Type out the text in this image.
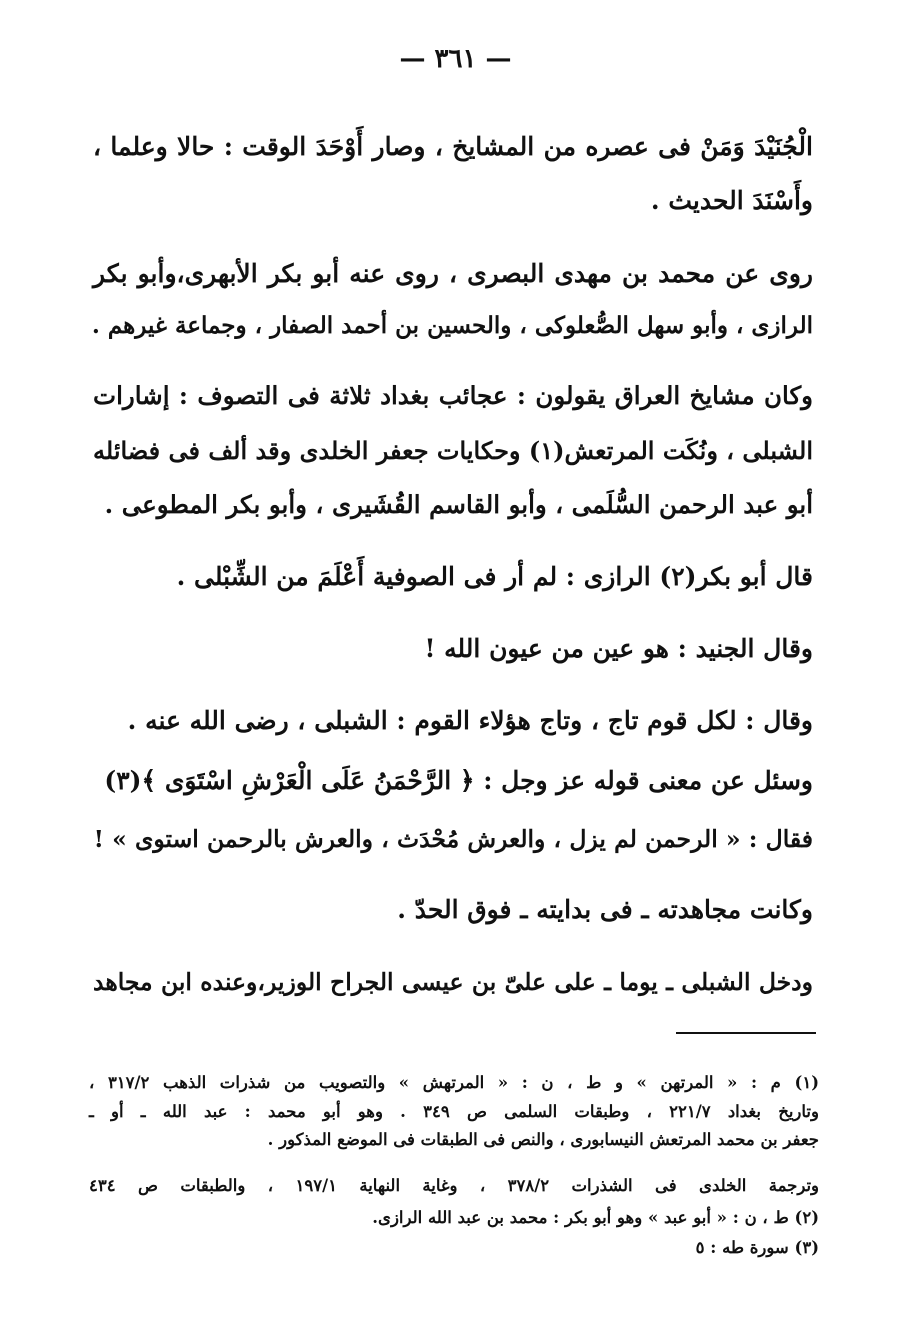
— ٣٦١ —
الْجُنَيْدَ وَمَنْ فى عصره من المشايخ ، وصار أَوْحَدَ الوقت : حالا وعلما ،
وأَسْنَدَ الحديث .
روى عن محمد بن مهدى البصرى ، روى عنه أبو بكر الأبهرى،وأبو بكر
الرازى ، وأبو سهل الصُّعلوكى ، والحسين بن أحمد الصفار ، وجماعة غيرهم .
وكان مشايخ العراق يقولون : عجائب بغداد ثلاثة فى التصوف : إشارات
الشبلى ، ونُكَت المرتعش(١) وحكايات جعفر الخلدى وقد ألف فى فضائله
أبو عبد الرحمن السُّلَمى ، وأبو القاسم القُشَيرى ، وأبو بكر المطوعى .
قال أبو بكر(٢) الرازى : لم أر فى الصوفية أَعْلَمَ من الشِّبْلى .
وقال الجنيد : هو عين من عيون الله !
وقال : لكل قوم تاج ، وتاج هؤلاء القوم : الشبلى ، رضى الله عنه .
وسئل عن معنى قوله عز وجل : ﴿ الرَّحْمَنُ عَلَى الْعَرْشِ اسْتَوَى ﴾(٣)
فقال : « الرحمن لم يزل ، والعرش مُحْدَث ، والعرش بالرحمن استوى » !
وكانت مجاهدته ـ فى بدايته ـ فوق الحدّ .
ودخل الشبلى ـ يوما ـ على علىّ بن عيسى الجراح الوزير،وعنده ابن مجاهد
(١) م : « المرتهن » و ط ، ن : « المرتهش » والتصويب من شذرات الذهب ٣١٧/٢ ،
وتاريخ بغداد ٢٢١/٧ ، وطبقات السلمى ص ٣٤٩ . وهو أبو محمد : عبد الله ـ أو ـ
جعفر بن محمد المرتعش النيسابورى ، والنص فى الطبقات فى الموضع المذكور .
وترجمة الخلدى فى الشذرات ٣٧٨/٢ ، وغاية النهاية ١٩٧/١ ، والطبقات ص ٤٣٤
(٢) ط ، ن : « أبو عبد » وهو أبو بكر : محمد بن عبد الله الرازى.
(٣) سورة طه : ٥
